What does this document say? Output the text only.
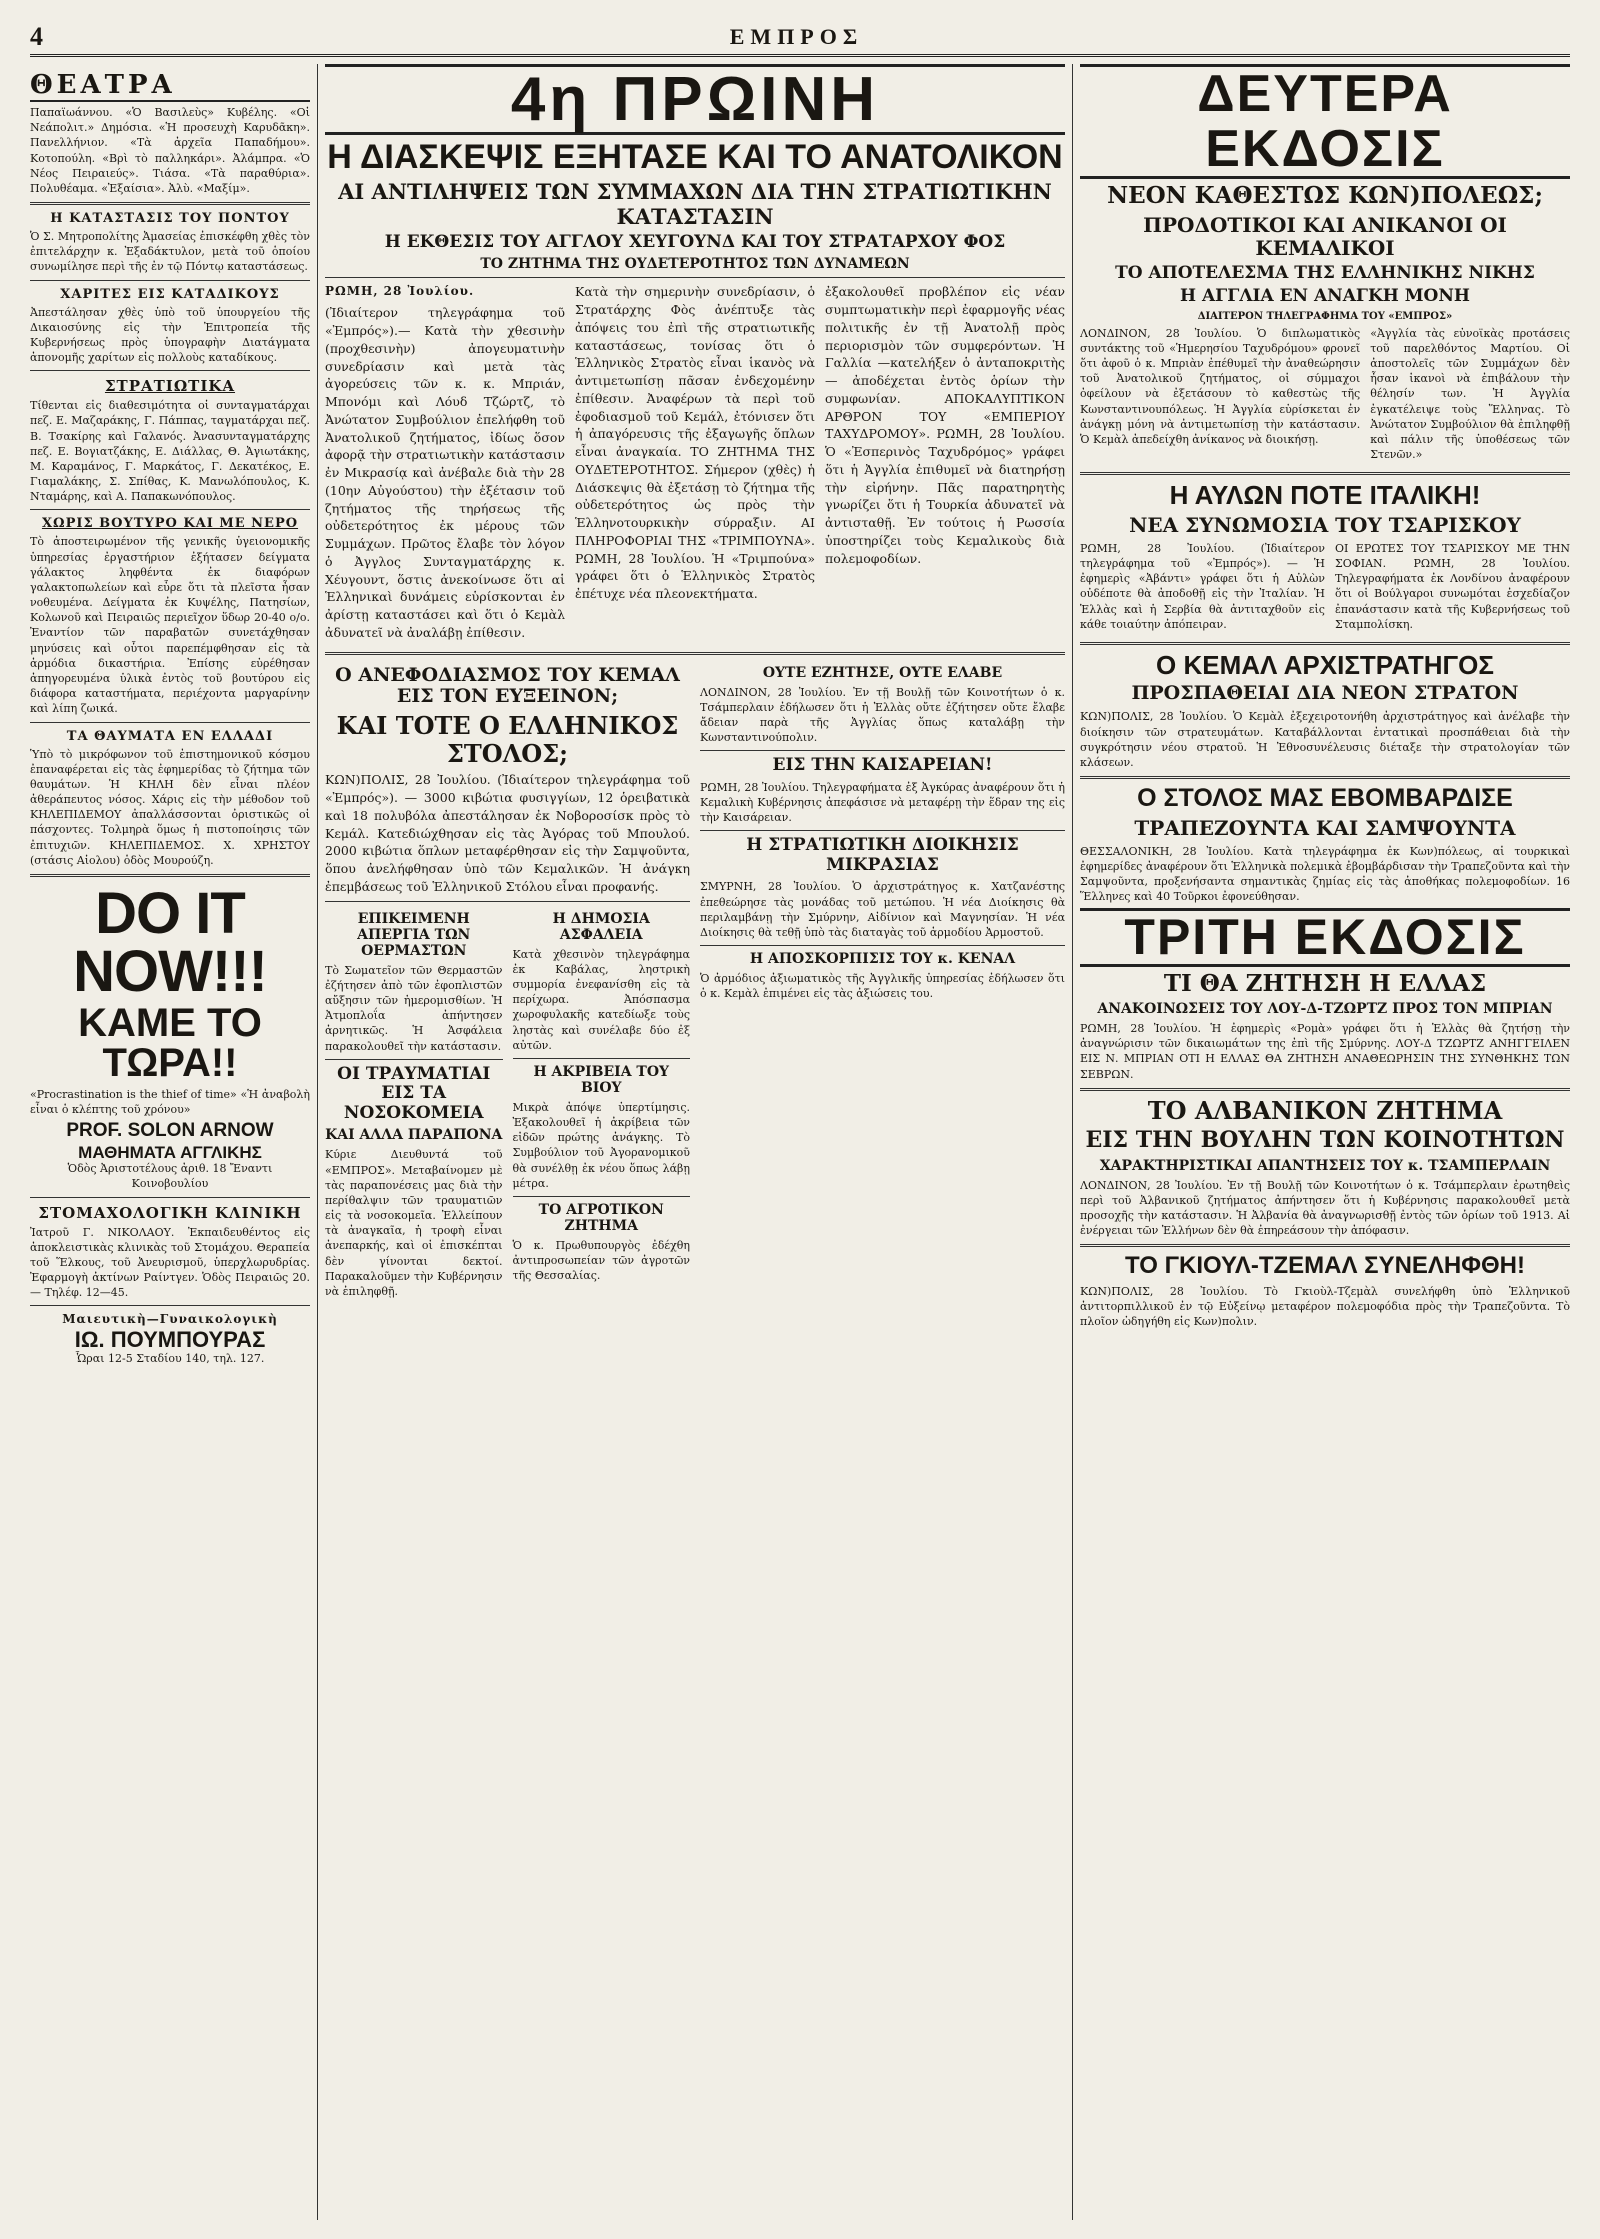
4	ΕΜΠΡΟΣ
ΘΕΑΤΡΑ

Παπαϊωάννου. «Ὁ Βασιλεὺς» Κυβέλης. «Οἱ Νεάπολιτ.» Δημόσια. «Ἡ προσευχὴ Καρυδᾶκη». Πανελλήνιον. «Τὰ ἀρχεῖα Παπαδήμου». Κοτοπούλη. «Βρὶ τὸ παλληκάρι». Ἀλάμπρα. «Ὁ Νέος Πειραιεύς». Τιάσα. «Τὰ παραθύρια». Πολυθέαμα. «Ἐξαίσια». Ἀλὺ. «Μαξίμ».

Η ΚΑΤΑΣΤΑΣΙΣ ΤΟΥ ΠΟΝΤΟΥ

Ὁ Σ. Μητροπολίτης Ἀμασείας ἐπισκέφθη χθὲς τὸν ἐπιτελάρχην κ. Ἐξαδάκτυλον, μετὰ τοῦ ὁποίου συνωμίλησε περὶ τῆς ἐν τῷ Πόντῳ καταστάσεως.

ΧΑΡΙΤΕΣ ΕΙΣ ΚΑΤΑΔΙΚΟΥΣ

Ἀπεστάλησαν χθὲς ὑπὸ τοῦ ὑπουργείου τῆς Δικαιοσύνης εἰς τὴν Ἐπιτροπεία τῆς Κυβερνήσεως πρὸς ὑπογραφὴν Διατάγματα ἀπονομῆς χαρίτων εἰς πολλοὺς καταδίκους.

ΣΤΡΑΤΙΩΤΙΚΑ

Τίθενται εἰς διαθεσιμότητα οἱ συνταγματάρχαι πεζ. Ε. Μαζαράκης, Γ. Πάππας, ταγματάρχαι πεζ. Β. Τσακίρης καὶ Γαλανός. Ἀνασυνταγματάρχης πεζ. Ε. Βογιατζάκης, Ε. Διάλλας, Θ. Ἀγιωτάκης, Μ. Καραμάνος, Γ. Μαρκάτος, Γ. Δεκατέκος, Ε. Γιαμαλάκης, Σ. Σπίθας, Κ. Μανωλόπουλος, Κ. Νταμάρης, καὶ Α. Παπακωνόπουλος.

ΧΩΡΙΣ ΒΟΥΤΥΡΟ ΚΑΙ ΜΕ ΝΕΡΟ

Τὸ ἀποστειρωμένον τῆς γενικῆς ὑγειονομικῆς ὑπηρεσίας ἐργαστήριον ἐξήτασεν δείγματα γάλακτος ληφθέντα ἐκ διαφόρων γαλακτοπωλείων καὶ εὗρε ὅτι τὰ πλεῖστα ἦσαν νοθευμένα. Δείγματα ἐκ Κυψέλης, Πατησίων, Κολωνοῦ καὶ Πειραιῶς περιεῖχον ὕδωρ 20-40 ο/ο. Ἐναντίον τῶν παραβατῶν συνετάχθησαν μηνύσεις καὶ οὗτοι παρεπέμφθησαν εἰς τὰ ἁρμόδια δικαστήρια. Ἐπίσης εὑρέθησαν ἀπηγορευμένα ὑλικὰ ἐντὸς τοῦ βουτύρου εἰς διάφορα καταστήματα, περιέχοντα μαργαρίνην καὶ λίπη ζωικά.

ΤΑ ΘΑΥΜΑΤΑ ΕΝ ΕΛΛΑΔΙ

Ὑπὸ τὸ μικρόφωνον τοῦ ἐπιστημονικοῦ κόσμου ἐπαναφέρεται εἰς τὰς ἐφημερίδας τὸ ζήτημα τῶν θαυμάτων. Ἡ ΚΗΛΗ δὲν εἶναι πλέον ἀθεράπευτος νόσος. Χάρις εἰς τὴν μέθοδον τοῦ ΚΗΛΕΠΙΔΕΜΟΥ ἀπαλλάσσονται ὀριστικῶς οἱ πάσχοντες. Τολμηρὰ ὅμως ἡ πιστοποίησις τῶν ἐπιτυχιῶν. ΚΗΛΕΠΙΔΕΜΟΣ. Χ. ΧΡΗΣΤΟΥ (στάσις Αἰολου) ὁδὸς Μουρούζη.

DO IT NOW!!!
ΚΑΜΕ ΤΟ ΤΩΡΑ!!

«Procrastination is the thief of time» «Ἡ ἀναβολὴ εἶναι ὁ κλέπτης τοῦ χρόνου»

PROF. SOLON ARNOW
ΜΑΘΗΜΑΤΑ ΑΓΓΛΙΚΗΣ

Ὁδὸς Ἀριστοτέλους ἀριθ. 18 Ἔναντι Κοινοβουλίου

ΣΤΟΜΑΧΟΛΟΓΙΚΗ ΚΛΙΝΙΚΗ

Ἰατροῦ Γ. ΝΙΚΟΛΑΟΥ. Ἐκπαιδευθέντος εἰς ἀποκλειστικὰς κλινικὰς τοῦ Στομάχου. Θεραπεία τοῦ Ἕλκους, τοῦ Ἀνευρισμοῦ, ὑπερχλωρυδρίας. Ἐφαρμογὴ ἀκτίνων Ραίντγεν. Ὁδὸς Πειραιῶς 20. — Τηλέφ. 12—45.

Μαιευτικὴ—Γυναικολογικὴ
ΙΩ. ΠΟΥΜΠΟΥΡΑΣ

Ὧραι 12-5 Σταδίου 140, τηλ. 127.

4η ΠΡΩΙΝΗ
Η ΔΙΑΣΚΕΨΙΣ ΕΞΗΤΑΣΕ ΚΑΙ ΤΟ ΑΝΑΤΟΛΙΚΟΝ
ΑΙ ΑΝΤΙΛΗΨΕΙΣ ΤΩΝ ΣΥΜΜΑΧΩΝ ΔΙΑ ΤΗΝ ΣΤΡΑΤΙΩΤΙΚΗΝ ΚΑΤΑΣΤΑΣΙΝ
Η ΕΚΘΕΣΙΣ ΤΟΥ ΑΓΓΛΟΥ ΧΕΥΓΟΥΝΔ ΚΑΙ ΤΟΥ ΣΤΡΑΤΑΡΧΟΥ ΦΟΣ
ΤΟ ΖΗΤΗΜΑ ΤΗΣ ΟΥΔΕΤΕΡΟΤΗΤΟΣ ΤΩΝ ΔΥΝΑΜΕΩΝ

ΡΩΜΗ, 28 Ἰουλίου.

(Ἰδιαίτερον τηλεγράφημα τοῦ «Ἐμπρός»).— Κατὰ τὴν χθεσινὴν (προχθεσινὴν) ἀπογευματινὴν συνεδρίασιν καὶ μετὰ τὰς ἀγορεύσεις τῶν κ. κ. Μπριάν, Μπονόμι καὶ Λόυδ Τζώρτζ, τὸ Ἀνώτατον Συμβούλιον ἐπελήφθη τοῦ Ἀνατολικοῦ ζητήματος, ἰδίως ὅσον ἀφορᾷ τὴν στρατιωτικὴν κατάστασιν ἐν Μικρασίᾳ καὶ ἀνέβαλε διὰ τὴν 28 (10ην Αὐγούστου) τὴν ἐξέτασιν τοῦ ζητήματος τῆς τηρήσεως τῆς οὐδετερότητος ἐκ μέρους τῶν Συμμάχων. Πρῶτος ἔλαβε τὸν λόγον ὁ Ἀγγλος Συνταγματάρχης κ. Χέυγουντ, ὅστις ἀνεκοίνωσε ὅτι αἱ Ἑλληνικαὶ δυνάμεις εὑρίσκονται ἐν ἀρίστῃ καταστάσει καὶ ὅτι ὁ Κεμὰλ ἀδυνατεῖ νὰ ἀναλάβῃ ἐπίθεσιν.

Κατὰ τὴν σημερινὴν συνεδρίασιν, ὁ Στρατάρχης Φὸς ἀνέπτυξε τὰς ἀπόψεις του ἐπὶ τῆς στρατιωτικῆς καταστάσεως, τονίσας ὅτι ὁ Ἑλληνικὸς Στρατὸς εἶναι ἱκανὸς νὰ ἀντιμετωπίσῃ πᾶσαν ἐνδεχομένην ἐπίθεσιν. Ἀναφέρων τὰ περὶ τοῦ ἐφοδιασμοῦ τοῦ Κεμάλ, ἐτόνισεν ὅτι ἡ ἀπαγόρευσις τῆς ἐξαγωγῆς ὅπλων εἶναι ἀναγκαία. ΤΟ ΖΗΤΗΜΑ ΤΗΣ ΟΥΔΕΤΕΡΟΤΗΤΟΣ. Σήμερον (χθὲς) ἡ Διάσκεψις θὰ ἐξετάσῃ τὸ ζήτημα τῆς οὐδετερότητος ὡς πρὸς τὴν Ἑλληνοτουρκικὴν σύρραξιν. ΑΙ ΠΛΗΡΟΦΟΡΙΑΙ ΤΗΣ «ΤΡΙΜΠΟΥΝΑ». ΡΩΜΗ, 28 Ἰουλίου. Ἡ «Τριμπούνα» γράφει ὅτι ὁ Ἑλληνικὸς Στρατὸς ἐπέτυχε νέα πλεονεκτήματα.

ἐξακολουθεῖ προβλέπον εἰς νέαν συμπτωματικὴν περὶ ἐφαρμογῆς νέας πολιτικῆς ἐν τῇ Ἀνατολῇ πρὸς περιορισμὸν τῶν συμφερόντων. Ἡ Γαλλία —κατελήξεν ὁ ἀνταποκριτὴς— ἀποδέχεται ἐντὸς ὁρίων τὴν συμφωνίαν. ΑΠΟΚΑΛΥΠΤΙΚΟΝ ΑΡΘΡΟΝ ΤΟΥ «ΕΜΠΕΡΙΟΥ ΤΑΧΥΔΡΟΜΟΥ». ΡΩΜΗ, 28 Ἰουλίου. Ὁ «Ἐσπερινὸς Ταχυδρόμος» γράφει ὅτι ἡ Ἀγγλία ἐπιθυμεῖ νὰ διατηρήσῃ τὴν εἰρήνην. Πᾶς παρατηρητὴς γνωρίζει ὅτι ἡ Τουρκία ἀδυνατεῖ νὰ ἀντισταθῇ. Ἐν τούτοις ἡ Ρωσσία ὑποστηρίζει τοὺς Κεμαλικοὺς διὰ πολεμοφοδίων.

Ο ΑΝΕΦΟΔΙΑΣΜΟΣ ΤΟΥ ΚΕΜΑΛ ΕΙΣ ΤΟΝ ΕΥΞΕΙΝΟΝ;
ΚΑΙ ΤΟΤΕ Ο ΕΛΛΗΝΙΚΟΣ ΣΤΟΛΟΣ;

ΚΩΝ)ΠΟΛΙΣ, 28 Ἰουλίου. (Ἰδιαίτερον τηλεγράφημα τοῦ «Ἐμπρός»). — 3000 κιβώτια φυσιγγίων, 12 ὁρειβατικὰ καὶ 18 πολυβόλα ἀπεστάλησαν ἐκ Νοβοροσίσκ πρὸς τὸ Κεμάλ. Κατεδιώχθησαν εἰς τὰς Ἀγόρας τοῦ Μπουλού. 2000 κιβώτια ὅπλων μεταφέρθησαν εἰς τὴν Σαμψοῦντα, ὅπου ἀνελήφθησαν ὑπὸ τῶν Κεμαλικῶν. Ἡ ἀνάγκη ἐπεμβάσεως τοῦ Ἑλληνικοῦ Στόλου εἶναι προφανής.

ΕΠΙΚΕΙΜΕΝΗ ΑΠΕΡΓΙΑ ΤΩΝ ΟΕΡΜΑΣΤΩΝ

Τὸ Σωματεῖον τῶν Θερμαστῶν ἐζήτησεν ἀπὸ τῶν ἐφοπλιστῶν αὔξησιν τῶν ἡμερομισθίων. Ἡ Ἀτμοπλοΐα ἀπήντησεν ἀρνητικῶς. Ἡ Ἀσφάλεια παρακολουθεῖ τὴν κατάστασιν.

ΟΙ ΤΡΑΥΜΑΤΙΑΙ ΕΙΣ ΤΑ ΝΟΣΟΚΟΜΕΙΑ
ΚΑΙ ΑΛΛΑ ΠΑΡΑΠΟΝΑ

Κύριε Διευθυντά τοῦ «ΕΜΠΡΟΣ». Μεταβαίνομεν μὲ τὰς παραπονέσεις μας διὰ τὴν περίθαλψιν τῶν τραυματιῶν εἰς τὰ νοσοκομεῖα. Ἐλλείπουν τὰ ἀναγκαῖα, ἡ τροφὴ εἶναι ἀνεπαρκής, καὶ οἱ ἐπισκέπται δὲν γίνονται δεκτοί. Παρακαλοῦμεν τὴν Κυβέρνησιν νὰ ἐπιληφθῇ.

Η ΔΗΜΟΣΙΑ ΑΣΦΑΛΕΙΑ

Κατὰ χθεσινὸν τηλεγράφημα ἐκ Καβάλας, ληστρικὴ συμμορία ἐνεφανίσθη εἰς τὰ περίχωρα. Ἀπόσπασμα χωροφυλακῆς κατεδίωξε τοὺς ληστὰς καὶ συνέλαβε δύο ἐξ αὐτῶν.

Η ΑΚΡΙΒΕΙΑ ΤΟΥ ΒΙΟΥ

Μικρὰ ἀπόψε ὑπερτίμησις. Ἐξακολουθεῖ ἡ ἀκρίβεια τῶν εἰδῶν πρώτης ἀνάγκης. Τὸ Συμβούλιον τοῦ Ἀγορανομικοῦ θὰ συνέλθῃ ἐκ νέου ὅπως λάβῃ μέτρα.

ΤΟ ΑΓΡΟΤΙΚΟΝ ΖΗΤΗΜΑ

Ὁ κ. Πρωθυπουργὸς ἐδέχθη ἀντιπροσωπείαν τῶν ἀγροτῶν τῆς Θεσσαλίας.

ΟΥΤΕ ΕΖΗΤΗΣΕ, ΟΥΤΕ ΕΛΑΒΕ

ΛΟΝΔΙΝΟΝ, 28 Ἰουλίου. Ἐν τῇ Βουλῇ τῶν Κοινοτήτων ὁ κ. Τσάμπερλαιν ἐδήλωσεν ὅτι ἡ Ἑλλὰς οὔτε ἐζήτησεν οὔτε ἔλαβε ἄδειαν παρὰ τῆς Ἀγγλίας ὅπως καταλάβῃ τὴν Κωνσταντινούπολιν.

ΕΙΣ ΤΗΝ ΚΑΙΣΑΡΕΙΑΝ!

ΡΩΜΗ, 28 Ἰουλίου. Τηλεγραφήματα ἐξ Ἀγκύρας ἀναφέρουν ὅτι ἡ Κεμαλικὴ Κυβέρνησις ἀπεφάσισε νὰ μεταφέρῃ τὴν ἕδραν της εἰς τὴν Καισάρειαν.

Η ΣΤΡΑΤΙΩΤΙΚΗ ΔΙΟΙΚΗΣΙΣ ΜΙΚΡΑΣΙΑΣ

ΣΜΥΡΝΗ, 28 Ἰουλίου. Ὁ ἀρχιστράτηγος κ. Χατζανέστης ἐπεθεώρησε τὰς μονάδας τοῦ μετώπου. Ἡ νέα Διοίκησις θὰ περιλαμβάνῃ τὴν Σμύρνην, Αἰδίνιον καὶ Μαγνησίαν. Ἡ νέα Διοίκησις θὰ τεθῇ ὑπὸ τὰς διαταγὰς τοῦ ἁρμοδίου Ἀρμοστοῦ.

Η ΑΠΟΣΚΟΡΠΙΣΙΣ ΤΟΥ κ. ΚΕΝΑΛ

Ὁ ἀρμόδιος ἀξιωματικὸς τῆς Ἀγγλικῆς ὑπηρεσίας ἐδήλωσεν ὅτι ὁ κ. Κεμὰλ ἐπιμένει εἰς τὰς ἀξιώσεις του.

ΔΕΥΤΕΡΑ ΕΚΔΟΣΙΣ
ΝΕΟΝ ΚΑΘΕΣΤΩΣ ΚΩΝ)ΠΟΛΕΩΣ;
ΠΡΟΔΟΤΙΚΟΙ ΚΑΙ ΑΝΙΚΑΝΟΙ ΟΙ ΚΕΜΑΛΙΚΟΙ
ΤΟ ΑΠΟΤΕΛΕΣΜΑ ΤΗΣ ΕΛΛΗΝΙΚΗΣ ΝΙΚΗΣ
Η ΑΓΓΛΙΑ ΕΝ ΑΝΑΓΚΗ ΜΟΝΗ
ΔΙΑΙΤΕΡΟΝ ΤΗΛΕΓΡΑΦΗΜΑ ΤΟΥ «ΕΜΠΡΟΣ»

ΛΟΝΔΙΝΟΝ, 28 Ἰουλίου. Ὁ διπλωματικὸς συντάκτης τοῦ «Ἡμερησίου Ταχυδρόμου» φρονεῖ ὅτι ἀφοῦ ὁ κ. Μπριὰν ἐπέθυμεῖ τὴν ἀναθεώρησιν τοῦ Ἀνατολικοῦ ζητήματος, οἱ σύμμαχοι ὀφείλουν νὰ ἐξετάσουν τὸ καθεστὼς τῆς Κωνσταντινουπόλεως. Ἡ Ἀγγλία εὑρίσκεται ἐν ἀνάγκῃ μόνη νὰ ἀντιμετωπίσῃ τὴν κατάστασιν. Ὁ Κεμὰλ ἀπεδείχθη ἀνίκανος νὰ διοικήσῃ.

«Ἀγγλία τὰς εὐνοϊκὰς προτάσεις τοῦ παρελθόντος Μαρτίου. Οἱ ἀποστολεῖς τῶν Συμμάχων δὲν ἦσαν ἱκανοὶ νὰ ἐπιβάλουν τὴν θέλησίν των. Ἡ Ἀγγλία ἐγκατέλειψε τοὺς Ἕλληνας. Τὸ Ἀνώτατον Συμβούλιον θὰ ἐπιληφθῇ καὶ πάλιν τῆς ὑποθέσεως τῶν Στενῶν.»

Η ΑΥΛΩΝ ΠΟΤΕ ΙΤΑΛΙΚΗ!
ΝΕΑ ΣΥΝΩΜΟΣΙΑ ΤΟΥ ΤΣΑΡΙΣΚΟΥ

ΡΩΜΗ, 28 Ἰουλίου. (Ἰδιαίτερον τηλεγράφημα τοῦ «Ἐμπρός»). — Ἡ ἐφημερὶς «Ἀβάντι» γράφει ὅτι ἡ Αὐλὼν οὐδέποτε θὰ ἀποδοθῇ εἰς τὴν Ἰταλίαν. Ἡ Ἑλλὰς καὶ ἡ Σερβία θὰ ἀντιταχθοῦν εἰς κάθε τοιαύτην ἀπόπειραν.

ΟΙ ΕΡΩΤΕΣ ΤΟΥ ΤΣΑΡΙΣΚΟΥ ΜΕ ΤΗΝ ΣΟΦΙΑΝ. ΡΩΜΗ, 28 Ἰουλίου. Τηλεγραφήματα ἐκ Λονδίνου ἀναφέρουν ὅτι οἱ Βούλγαροι συνωμόται ἐσχεδίαζον ἐπανάστασιν κατὰ τῆς Κυβερνήσεως τοῦ Σταμπολίσκη.

Ο ΚΕΜΑΛ ΑΡΧΙΣΤΡΑΤΗΓΟΣ
ΠΡΟΣΠΑΘΕΙΑΙ ΔΙΑ ΝΕΟΝ ΣΤΡΑΤΟΝ

ΚΩΝ)ΠΟΛΙΣ, 28 Ἰουλίου. Ὁ Κεμὰλ ἐξεχειροτονήθη ἀρχιστράτηγος καὶ ἀνέλαβε τὴν διοίκησιν τῶν στρατευμάτων. Καταβάλλονται ἐντατικαὶ προσπάθειαι διὰ τὴν συγκρότησιν νέου στρατοῦ. Ἡ Ἐθνοσυνέλευσις διέταξε τὴν στρατολογίαν τῶν κλάσεων.

Ο ΣΤΟΛΟΣ ΜΑΣ ΕΒΟΜΒΑΡΔΙΣΕ
ΤΡΑΠΕΖΟΥΝΤΑ ΚΑΙ ΣΑΜΨΟΥΝΤΑ

ΘΕΣΣΑΛΟΝΙΚΗ, 28 Ἰουλίου. Κατὰ τηλεγράφημα ἐκ Κων)πόλεως, αἱ τουρκικαὶ ἐφημερίδες ἀναφέρουν ὅτι Ἑλληνικὰ πολεμικὰ ἐβομβάρδισαν τὴν Τραπεζοῦντα καὶ τὴν Σαμψοῦντα, προξενήσαντα σημαντικὰς ζημίας εἰς τὰς ἀποθήκας πολεμοφοδίων. 16 Ἕλληνες καὶ 40 Τοῦρκοι ἐφονεύθησαν.

ΤΡΙΤΗ ΕΚΔΟΣΙΣ
ΤΙ ΘΑ ΖΗΤΗΣΗ Η ΕΛΛΑΣ
ΑΝΑΚΟΙΝΩΣΕΙΣ ΤΟΥ ΛΟΥ-Δ-ΤΖΩΡΤΖ ΠΡΟΣ ΤΟΝ ΜΠΡΙΑΝ

ΡΩΜΗ, 28 Ἰουλίου. Ἡ ἐφημερὶς «Ρομὰ» γράφει ὅτι ἡ Ἑλλὰς θὰ ζητήσῃ τὴν ἀναγνώρισιν τῶν δικαιωμάτων της ἐπὶ τῆς Σμύρνης. ΛΟΥ-Δ ΤΖΩΡΤΖ ΑΝΗΓΓΕΙΛΕΝ ΕΙΣ Ν. ΜΠΡΙΑΝ ΟΤΙ Η ΕΛΛΑΣ ΘΑ ΖΗΤΗΣΗ ΑΝΑΘΕΩΡΗΣΙΝ ΤΗΣ ΣΥΝΘΗΚΗΣ ΤΩΝ ΣΕΒΡΩΝ.

ΤΟ ΑΛΒΑΝΙΚΟΝ ΖΗΤΗΜΑ
ΕΙΣ ΤΗΝ ΒΟΥΛΗΝ ΤΩΝ ΚΟΙΝΟΤΗΤΩΝ
ΧΑΡΑΚΤΗΡΙΣΤΙΚΑΙ ΑΠΑΝΤΗΣΕΙΣ ΤΟΥ κ. ΤΣΑΜΠΕΡΛΑΙΝ

ΛΟΝΔΙΝΟΝ, 28 Ἰουλίου. Ἐν τῇ Βουλῇ τῶν Κοινοτήτων ὁ κ. Τσάμπερλαιν ἐρωτηθεὶς περὶ τοῦ Ἀλβανικοῦ ζητήματος ἀπήντησεν ὅτι ἡ Κυβέρνησις παρακολουθεῖ μετὰ προσοχῆς τὴν κατάστασιν. Ἡ Ἀλβανία θὰ ἀναγνωρισθῇ ἐντὸς τῶν ὁρίων τοῦ 1913. Αἱ ἐνέργειαι τῶν Ἑλλήνων δὲν θὰ ἐπηρεάσουν τὴν ἀπόφασιν.

ΤΟ ΓΚΙΟΥΛ-ΤΖΕΜΑΛ ΣΥΝΕΛΗΦΘΗ!

ΚΩΝ)ΠΟΛΙΣ, 28 Ἰουλίου. Τὸ Γκιοὺλ-Τζεμὰλ συνελήφθη ὑπὸ Ἑλληνικοῦ ἀντιτορπιλλικοῦ ἐν τῷ Εὐξείνῳ μεταφέρον πολεμοφόδια πρὸς τὴν Τραπεζοῦντα. Τὸ πλοῖον ὡδηγήθη εἰς Κων)πολιν.
